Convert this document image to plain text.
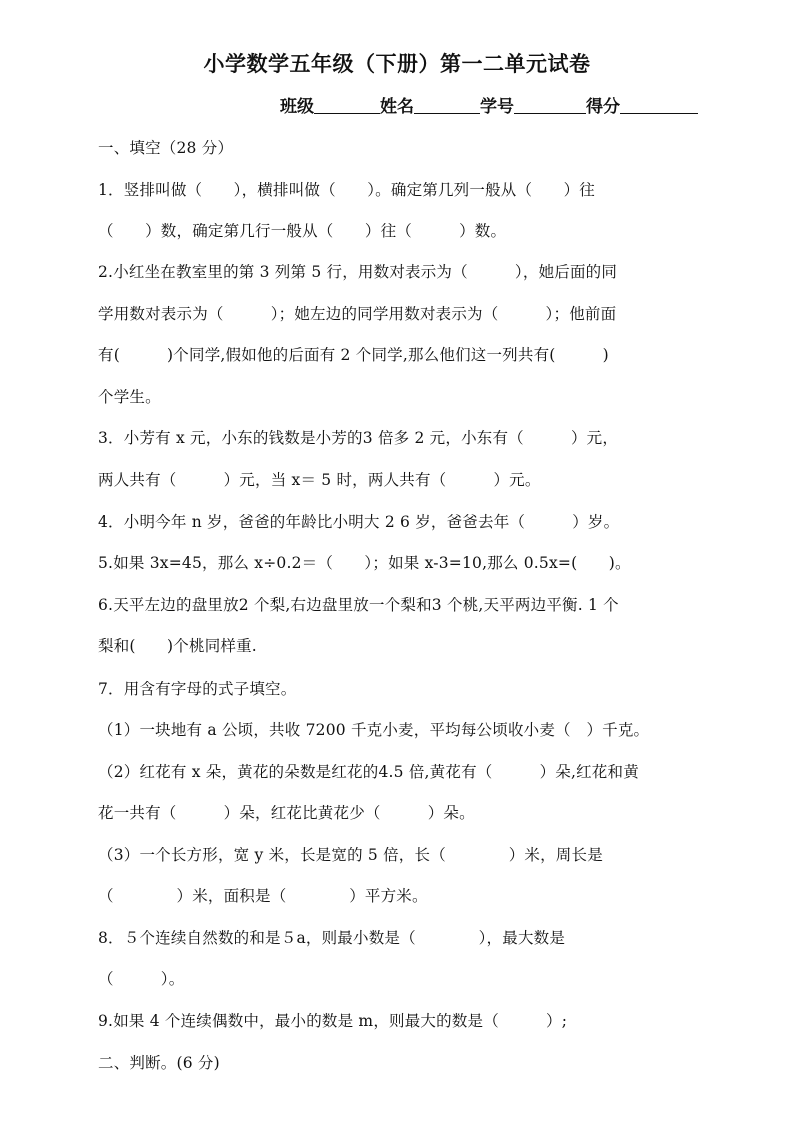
小学数学五年级（下册）第一二单元试卷
班级	姓名	学号	得分
一、填空（28 分）
1．竖排叫做（　　），横排叫做（　　）。确定第几列一般从（　　）往
（　　）数，确定第几行一般从（　　）往（　　　）数。
2.小红坐在教室里的第 3 列第 5 行，用数对表示为（　　　），她后面的同
学用数对表示为（　　　）；她左边的同学用数对表示为（　　　）；他前面
有(　　　)个同学,假如他的后面有 2 个同学,那么他们这一列共有(　　　)
个学生。
3．小芳有 x 元，小东的钱数是小芳的3 倍多 2 元，小东有（　　　）元，
两人共有（　　　）元，当 x＝ 5 时，两人共有（　　　）元。
4．小明今年 n 岁，爸爸的年龄比小明大 2 6 岁，爸爸去年（　　　）岁。
5.如果 3x=45，那么 x÷0.2＝（　　）；如果 x-3=10,那么 0.5x=(　　)。
6.天平左边的盘里放2 个梨,右边盘里放一个梨和3 个桃,天平两边平衡. 1 个
梨和(　　)个桃同样重.
7．用含有字母的式子填空。
（1）一块地有 a 公顷，共收 7200 千克小麦，平均每公顷收小麦（　）千克。
（2）红花有 x 朵，黄花的朵数是红花的4.5 倍,黄花有（　　　）朵,红花和黄
花一共有（　　　）朵，红花比黄花少（　　　）朵。
（3）一个长方形，宽 y 米，长是宽的 5 倍，长（　　　　）米，周长是
（　　　　）米，面积是（　　　　）平方米。
8．５个连续自然数的和是５a，则最小数是（　　　　），最大数是
（　　　）。
9.如果 4 个连续偶数中，最小的数是 m，则最大的数是（　　　）;
二、判断。(6 分)
